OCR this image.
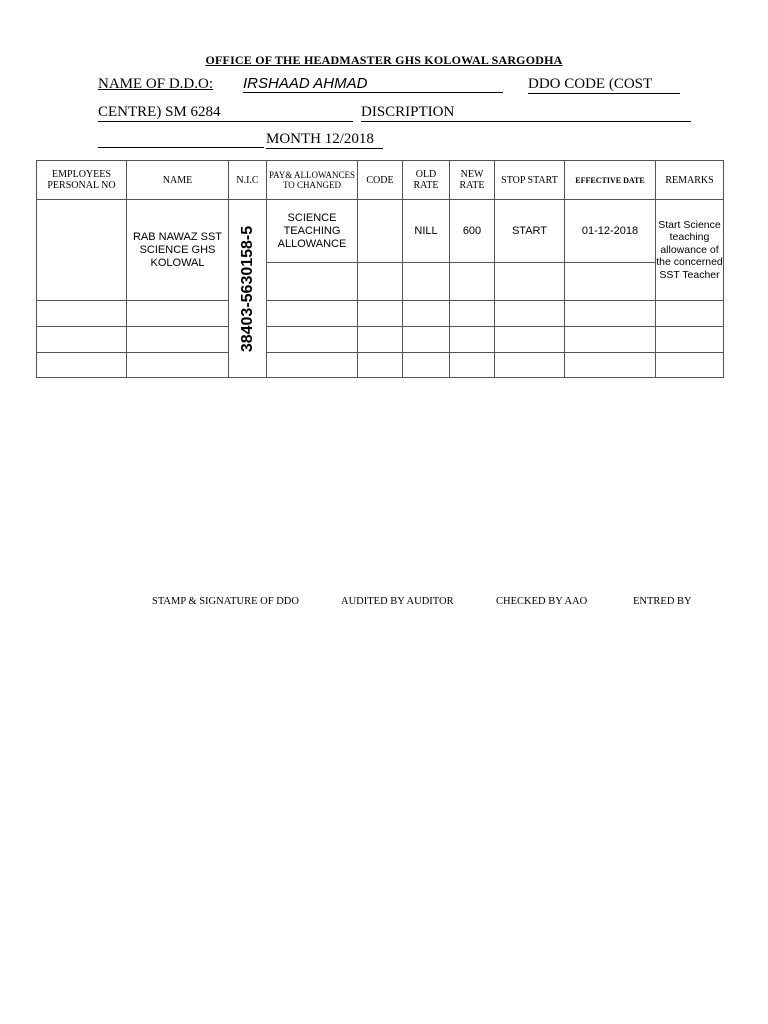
OFFICE OF THE HEADMASTER GHS KOLOWAL SARGODHA
NAME OF D.D.O: IRSHAAD AHMAD	DDO CODE (COST
CENTRE) SM 6284	DISCRIPTION
MONTH 12/2018
EMPLOYEES PERSONAL NO	NAME	N.I.C	PAY& ALLOWANCES TO CHANGED	CODE	OLD RATE	NEW RATE	STOP START	EFFECTIVE DATE	REMARKS
	RAB NAWAZ SST SCIENCE GHS KOLOWAL	38403-5630158-5	SCIENCE TEACHING ALLOWANCE		NILL	600	START	01-12-2018	Start Science teaching allowance of the concerned SST Teacher

STAMP & SIGNATURE OF DDO	AUDITED BY AUDITOR	CHECKED BY AAO	ENTRED BY
